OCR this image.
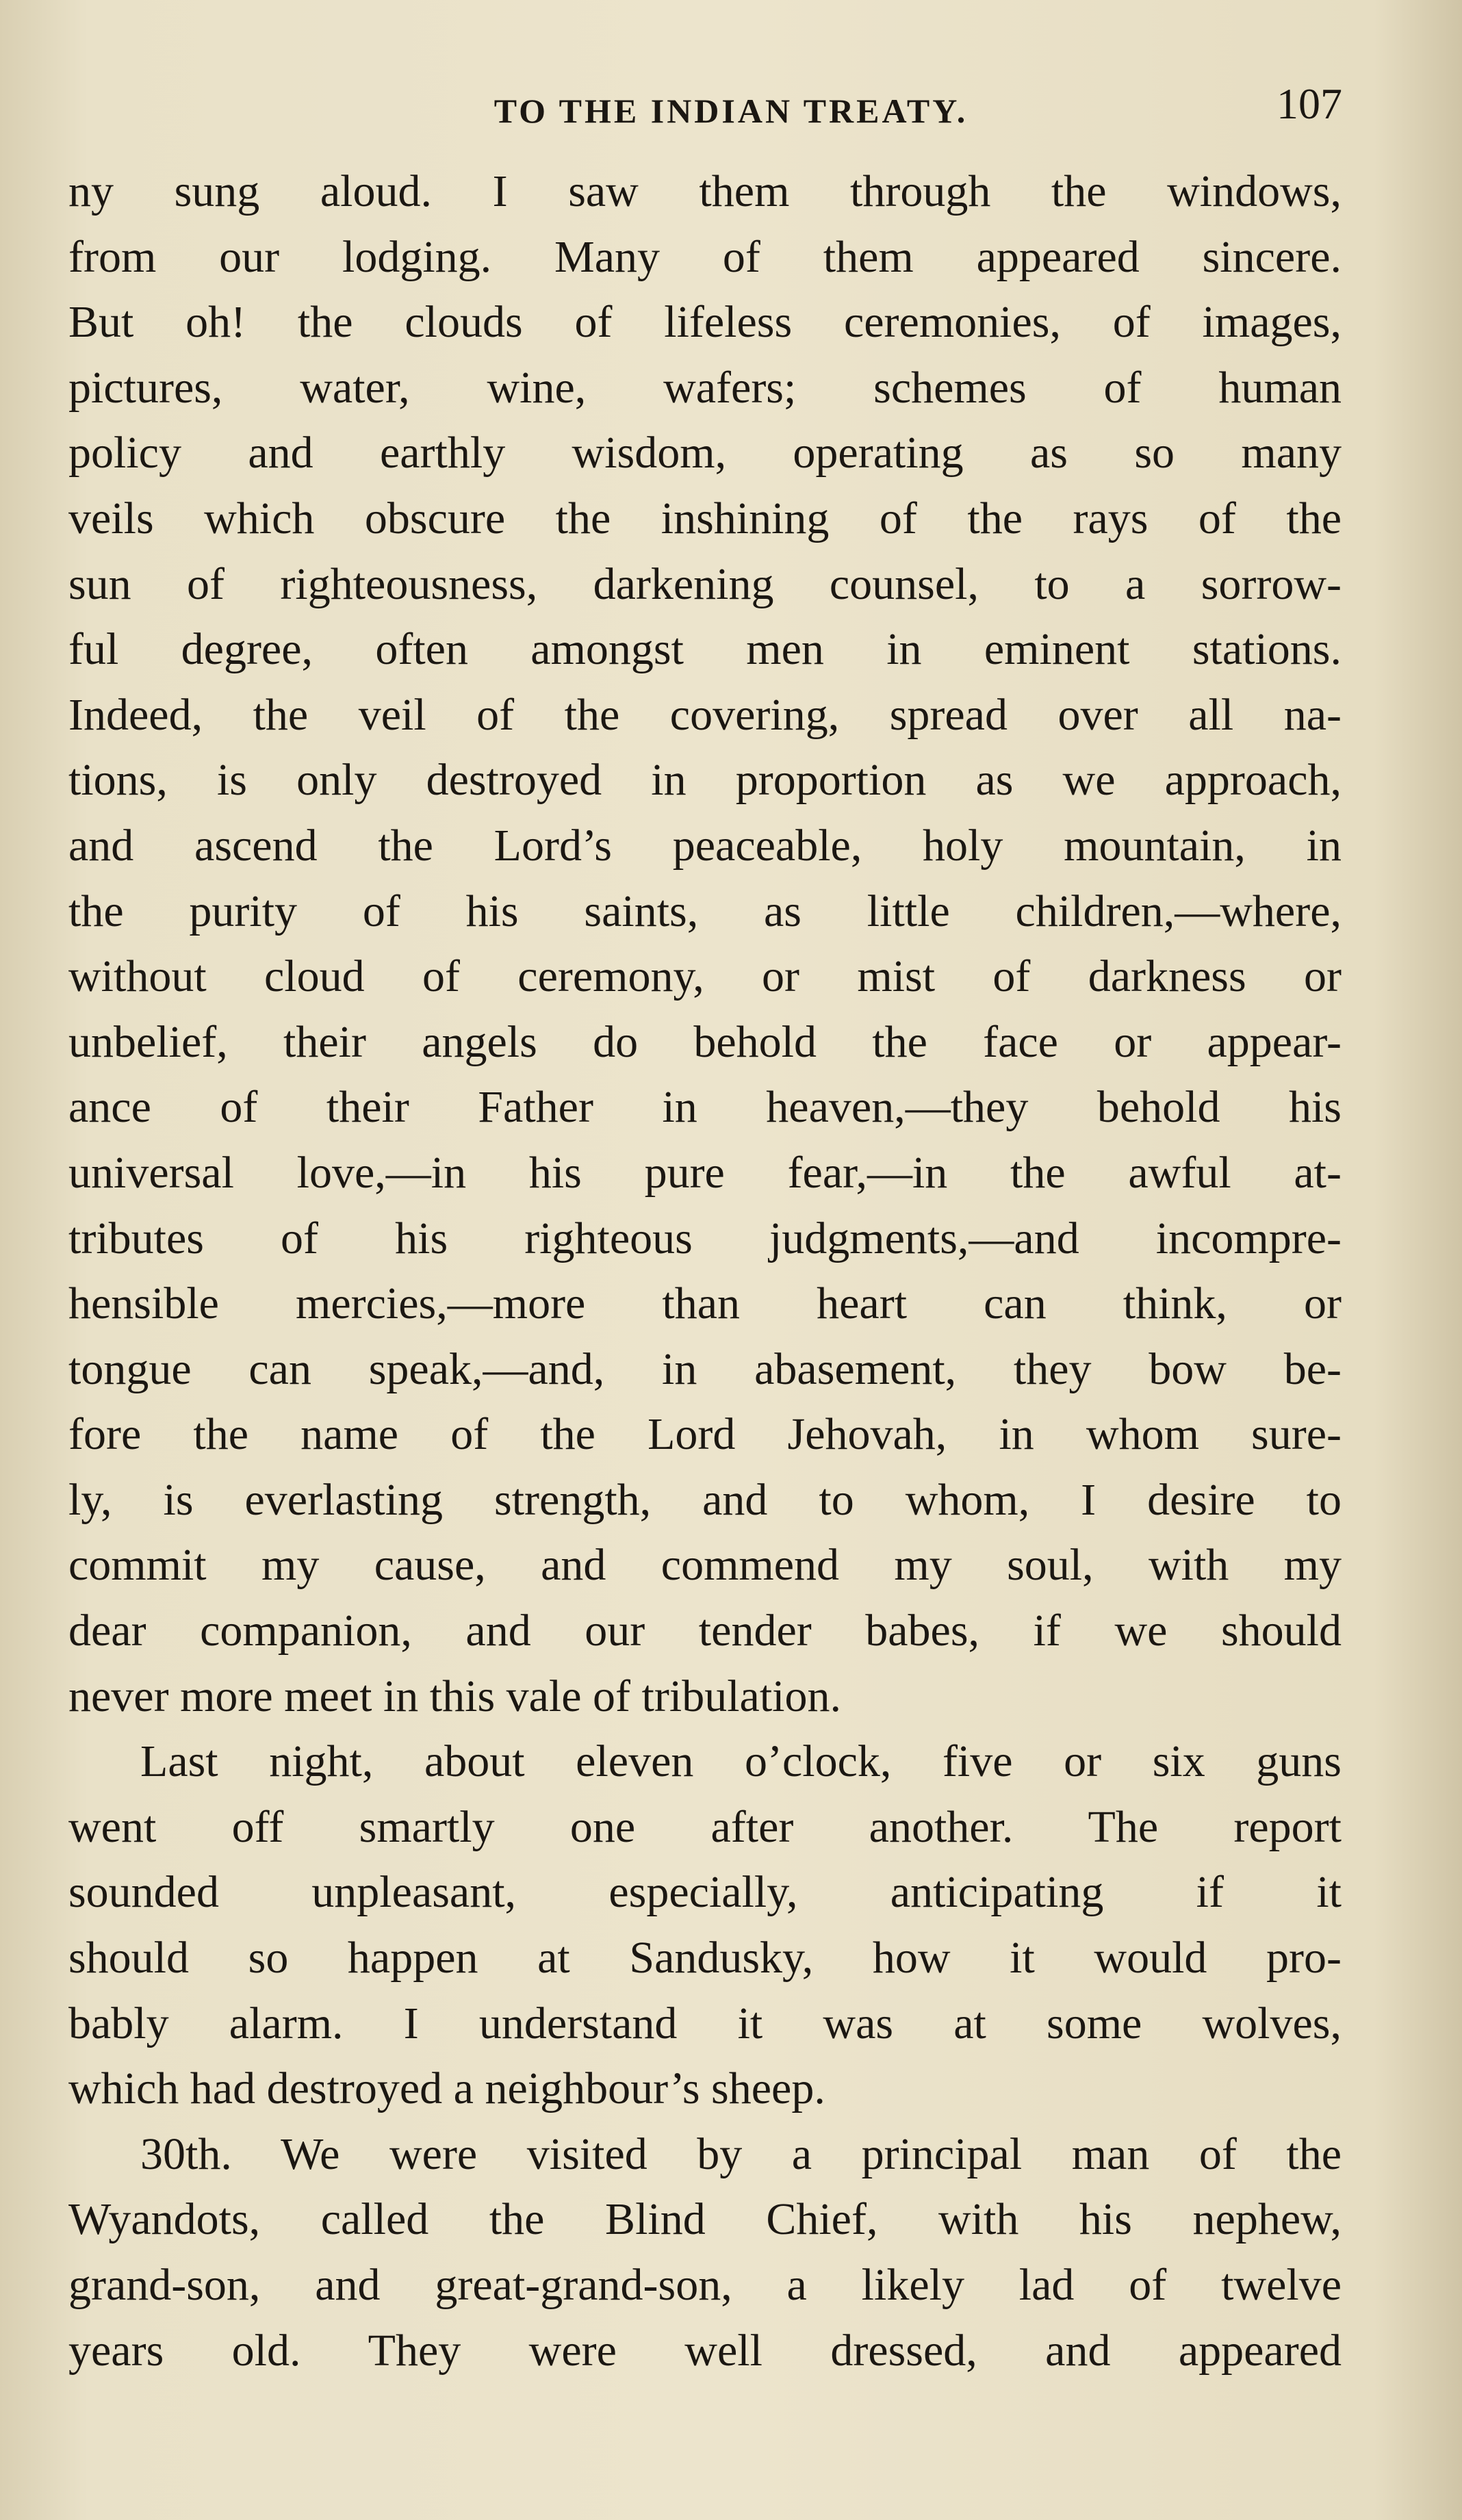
TO THE INDIAN TREATY.	107
ny sung aloud. I saw them through the windows,
from our lodging. Many of them appeared sincere.
But oh! the clouds of lifeless ceremonies, of images,
pictures, water, wine, wafers; schemes of human
policy and earthly wisdom, operating as so many
veils which obscure the inshining of the rays of the
sun of righteousness, darkening counsel, to a sorrow-
ful degree, often amongst men in eminent stations.
Indeed, the veil of the covering, spread over all na-
tions, is only destroyed in proportion as we approach,
and ascend the Lord’s peaceable, holy mountain, in
the purity of his saints, as little children,—where,
without cloud of ceremony, or mist of darkness or
unbelief, their angels do behold the face or appear-
ance of their Father in heaven,—they behold his
universal love,—in his pure fear,—in the awful at-
tributes of his righteous judgments,—and incompre-
hensible mercies,—more than heart can think, or
tongue can speak,—and, in abasement, they bow be-
fore the name of the Lord Jehovah, in whom sure-
ly, is everlasting strength, and to whom, I desire to
commit my cause, and commend my soul, with my
dear companion, and our tender babes, if we should
never more meet in this vale of tribulation.
Last night, about eleven o’clock, five or six guns
went off smartly one after another. The report
sounded unpleasant, especially, anticipating if it
should so happen at Sandusky, how it would pro-
bably alarm. I understand it was at some wolves,
which had destroyed a neighbour’s sheep.
30th. We were visited by a principal man of the
Wyandots, called the Blind Chief, with his nephew,
grand-son, and great-grand-son, a likely lad of twelve
years old. They were well dressed, and appeared
